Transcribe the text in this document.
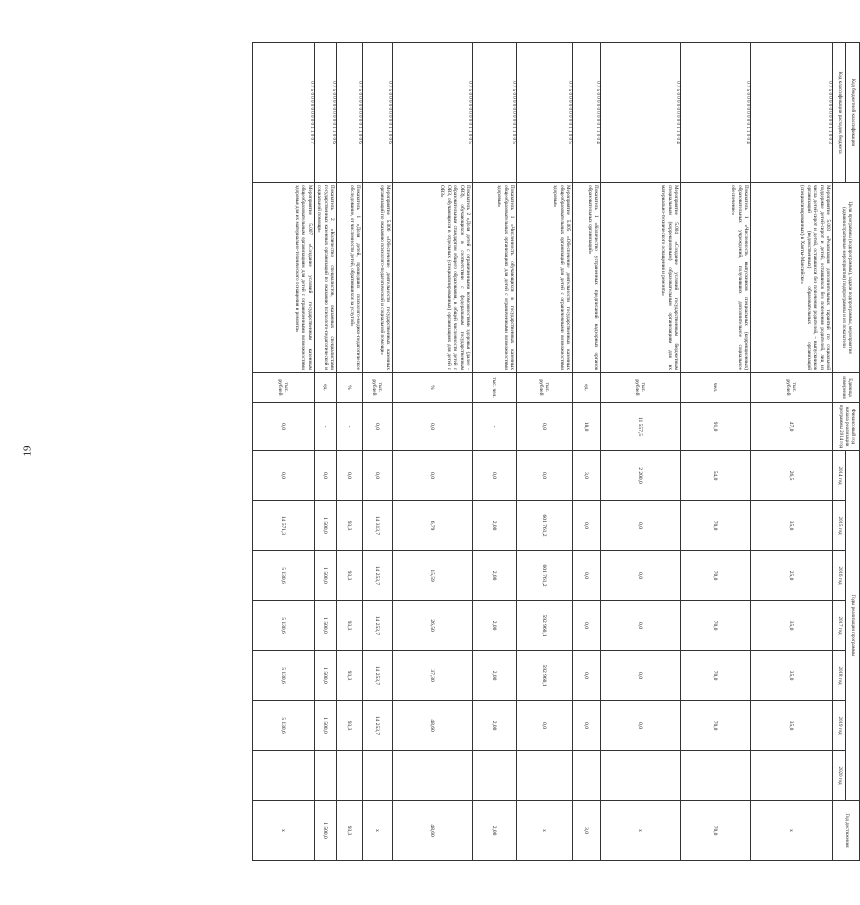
19
Код бюджетной классификации	Цели программы (подпрограммы), задачи подпрограммы, мероприятия (административные мероприятия) подпрограммы и их показатели	Единица измерения	Финансовый год начала реализации программы 2014 год	Годы реализации программы							Год достижения
Код классификации расходов бюджета				2014 год	2015 год	2016 год	2017 год	2018 год	2019 год	2020 год	
0 7 5 0 0 0 0 0 0 0 0 0 1 1 0 0 3	Мероприятие 5.003 «Реализация дополнительных гарантий по социальной поддержке детей-сирот и детей, оставшихся без попечения родителей, лиц из числа детей-сирот и детей, оставшихся без попечения родителей, – выпускников организаций (ведомственных) образовательных организаций (специализированных) в Ханты-Мансийске»	тыс. рублей	47,0	26,5	35,0	25,0	35,0	35,0	35,0		x
0 7 5 0 0 0 0 0 0 0 0 0 1 1 0 0 4	Показатель 1 «Численность выпускников специальных (коррекционных) образовательных учреждений, получивших дополнительное социальное обеспечение»	чел.	91,0	54,0	70,0	70,0	70,0	70,0	70,0		70,0
0 7 5 0 0 0 0 0 0 0 0 0 1 1 0 0 4	Мероприятие 5.004 «Создание условий государственным бюджетным специальным (коррекционным) образовательным организациям для их материально-технического оснащения и ремонта»	тыс. рублей	11 557,5	2 200,0	0,0	0,0	0,0	0,0	0,0		x
0 7 5 0 0 0 0 0 0 0 0 0 1 1 0 0 4	Показатель 1 «Количество устраненных предписаний надзорных органов образовательных организаций»	ед.	18,0	3,0	0,0	0,0	0,0	0,0	0,0		3,0
0 7 5 0 0 0 0 0 0 0 0 0 1 1 0 0 5	Мероприятие 5.005 «Обеспечение деятельности государственных казенных общеобразовательных организаций для детей с ограниченными возможностями здоровья»	тыс. рублей	0,0	0,0	601 761,2	601 761,2	592 960,1	592 960,1	0,0		x
0 7 5 0 0 0 0 0 0 0 0 0 1 1 0 0 5	Показатель 1 «Численность обучающихся в государственных казенных общеобразовательных организациях для детей с ограниченными возможностями здоровья»	тыс. чел.	-	0,0	2,00	2,00	2,00	2,00	2,00		2,00
0 7 5 0 0 0 0 0 0 0 0 0 1 1 0 0 5	Показатель 2 «Доля детей с ограниченными возможностями здоровья (далее - ОВЗ), обучающихся в соответствии с федеральным государственным образовательным стандартом общего образования, в общей численности детей с ОВЗ, обучающихся в отдельных (специализированных) организациях для детей с ОВЗ»	%	0,0	0,0	6,79	15,59	26,50	37,30	48,60		48,60
0 7 5 0 0 0 0 0 0 0 0 0 1 1 0 0 6	Мероприятие 5.006 «Обеспечение деятельности государственных казенных организаций по оказанию психолого-педагогической и социальной помощи»	тыс. рублей	0,0	0,0	14 313,7	14 253,7	14 253,7	14 253,7	14 253,7		x
0 7 5 0 0 0 0 0 0 0 0 0 1 1 0 0 6	Показатель 1 «Доля детей, прошедших психолого-медико-педагогическое обследование, от численности детей, обратившихся за услугой»	%	-	0,0	93,3	93,3	93,3	93,3	93,3		93,3
0 7 5 0 0 0 0 0 0 0 0 0 1 1 0 0 6	Показатель 2 «Количество специалистов, оказанных специалистами государственных казенных организаций по оказанию психолого-педагогической и социальной помощи»	ед.	-	0,0	1 500,0	1 500,0	1 500,0	1 500,0	1 500,0		1 500,0
0 7 5 0 0 0 0 0 0 0 0 0 1 1 0 0 7	Мероприятие 5.007 «Создание условий государственным казенным общеобразовательным организациям для детей с ограниченными возможностями здоровья для их материально-технического оснащения и ремонта»	тыс. рублей	0,0	0,0	14 571,3	5 130,6	5 130,6	5 130,6	5 130,6		x
